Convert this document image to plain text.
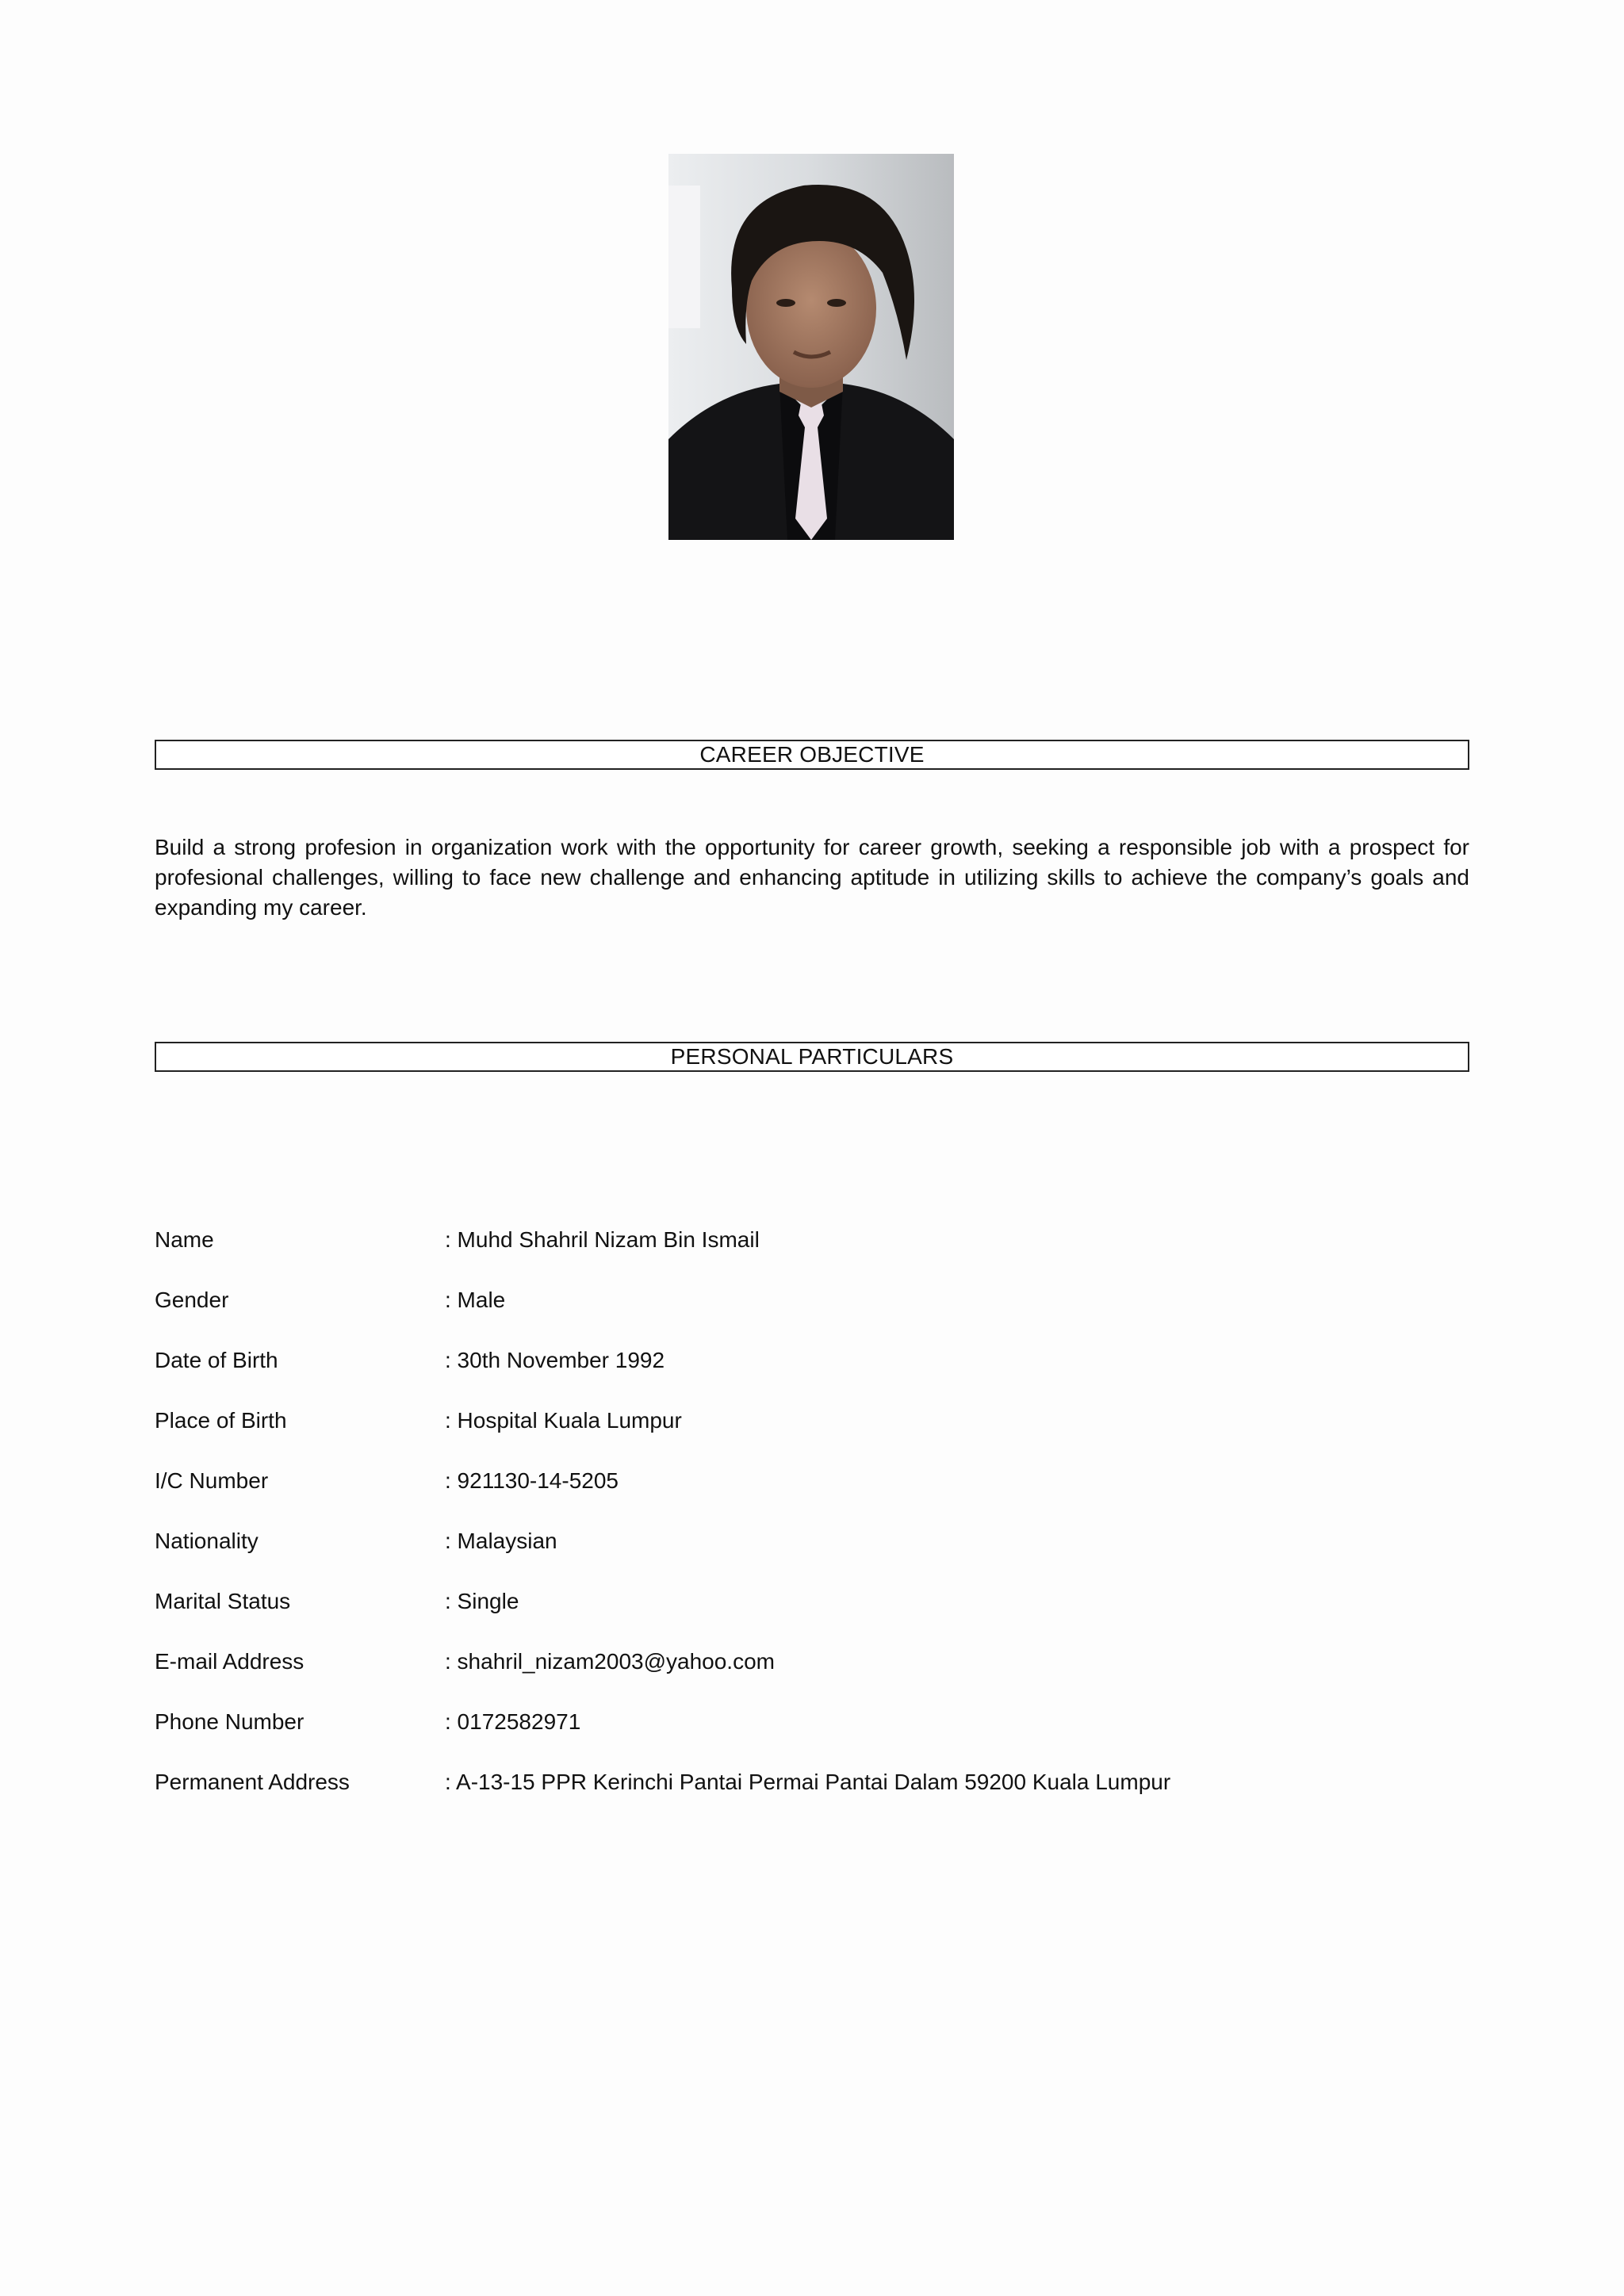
CAREER OBJECTIVE

Build a strong profesion in organization work with the opportunity for career growth, seeking a responsible job with a prospect for profesional challenges, willing to face new challenge and enhancing aptitude in utilizing skills to achieve the company’s goals and expanding my career.

PERSONAL PARTICULARS
Name	: Muhd Shahril Nizam Bin Ismail
Gender	: Male
Date of Birth	: 30th November 1992
Place of Birth	: Hospital Kuala Lumpur
I/C Number	: 921130-14-5205
Nationality	: Malaysian
Marital Status	: Single
E-mail Address	: shahril_nizam2003@yahoo.com
Phone Number	: 0172582971
Permanent Address	: A-13-15 PPR Kerinchi Pantai Permai Pantai Dalam 59200 Kuala Lumpur
